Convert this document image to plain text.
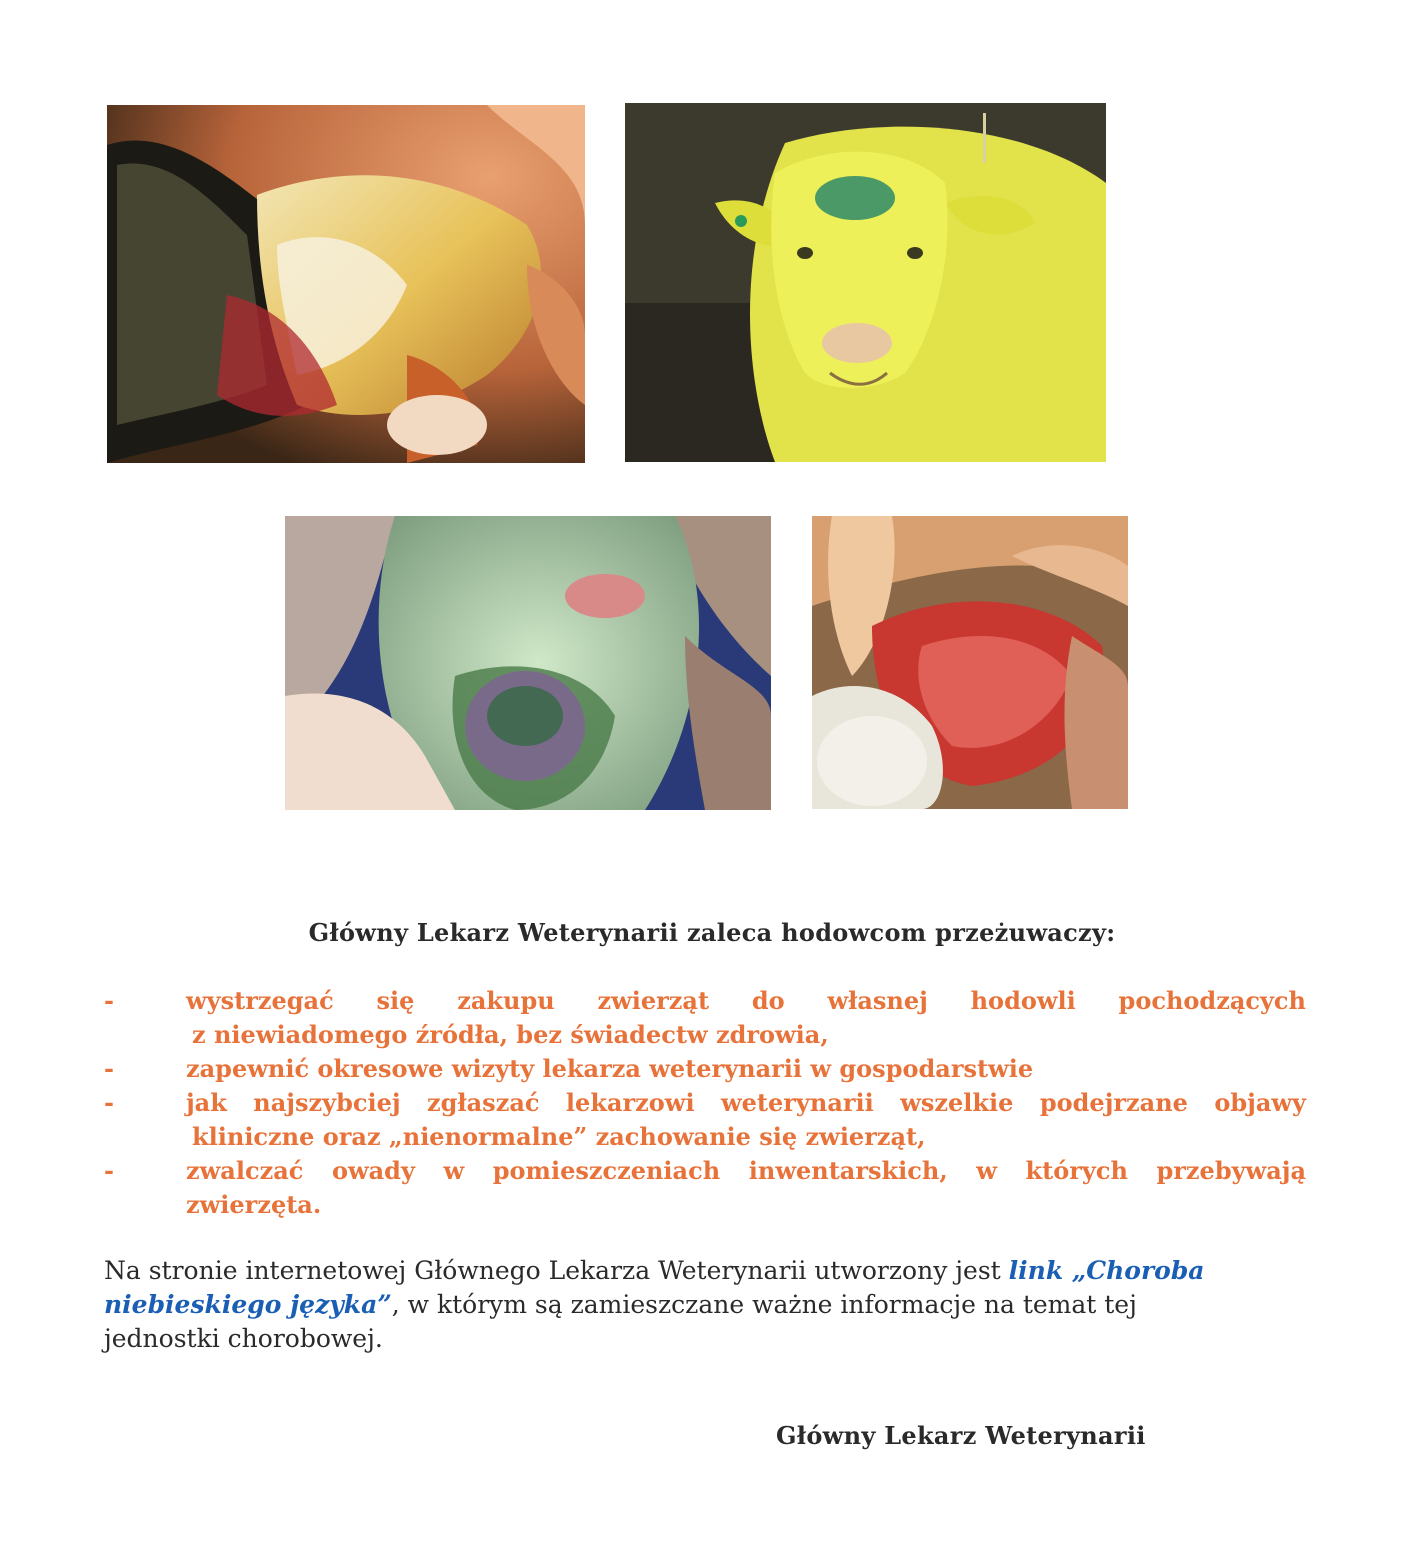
Główny Lekarz Weterynarii zaleca hodowcom przeżuwaczy:
-	wystrzegać się zakupu zwierząt do własnej hodowli pochodzących
z niewiadomego źródła, bez świadectw zdrowia,
-	zapewnić okresowe wizyty lekarza weterynarii w gospodarstwie
-	jak najszybciej zgłaszać lekarzowi weterynarii wszelkie podejrzane objawy
kliniczne oraz „nienormalne” zachowanie się zwierząt,
-	zwalczać owady w pomieszczeniach inwentarskich, w których przebywają
zwierzęta.
Na stronie internetowej Głównego Lekarza Weterynarii utworzony jest link „Choroba
niebieskiego języka”, w którym są zamieszczane ważne informacje na temat tej
jednostki chorobowej.
Główny Lekarz Weterynarii
